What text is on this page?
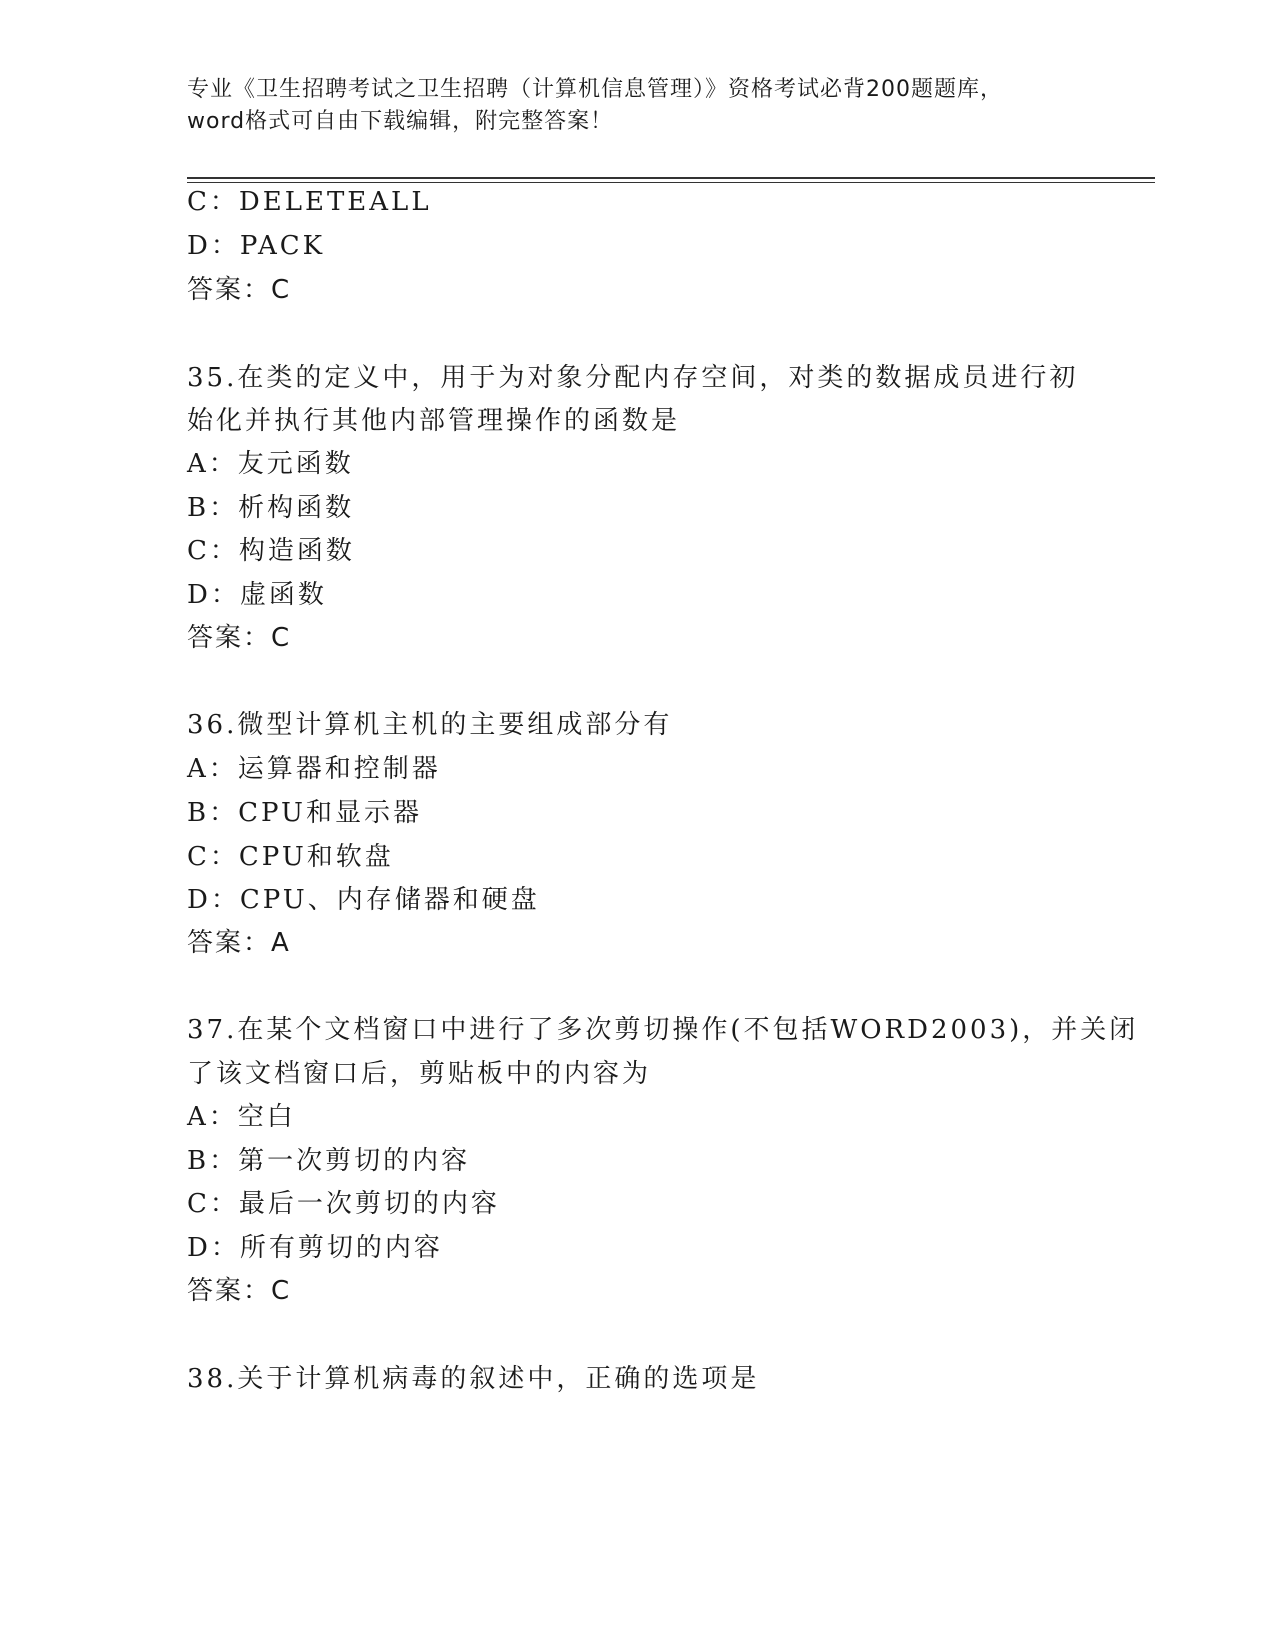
专业《卫生招聘考试之卫生招聘（计算机信息管理）》资格考试必背200题题库，
word格式可自由下载编辑，附完整答案！
C：DELETEALL
D：PACK
答案：C
35.在类的定义中，用于为对象分配内存空间，对类的数据成员进行初
始化并执行其他内部管理操作的函数是
A：友元函数
B：析构函数
C：构造函数
D：虚函数
答案：C
36.微型计算机主机的主要组成部分有
A：运算器和控制器
B：CPU和显示器
C：CPU和软盘
D：CPU、内存储器和硬盘
答案：A
37.在某个文档窗口中进行了多次剪切操作(不包括WORD2003)，并关闭
了该文档窗口后，剪贴板中的内容为
A：空白
B：第一次剪切的内容
C：最后一次剪切的内容
D：所有剪切的内容
答案：C
38.关于计算机病毒的叙述中，正确的选项是
